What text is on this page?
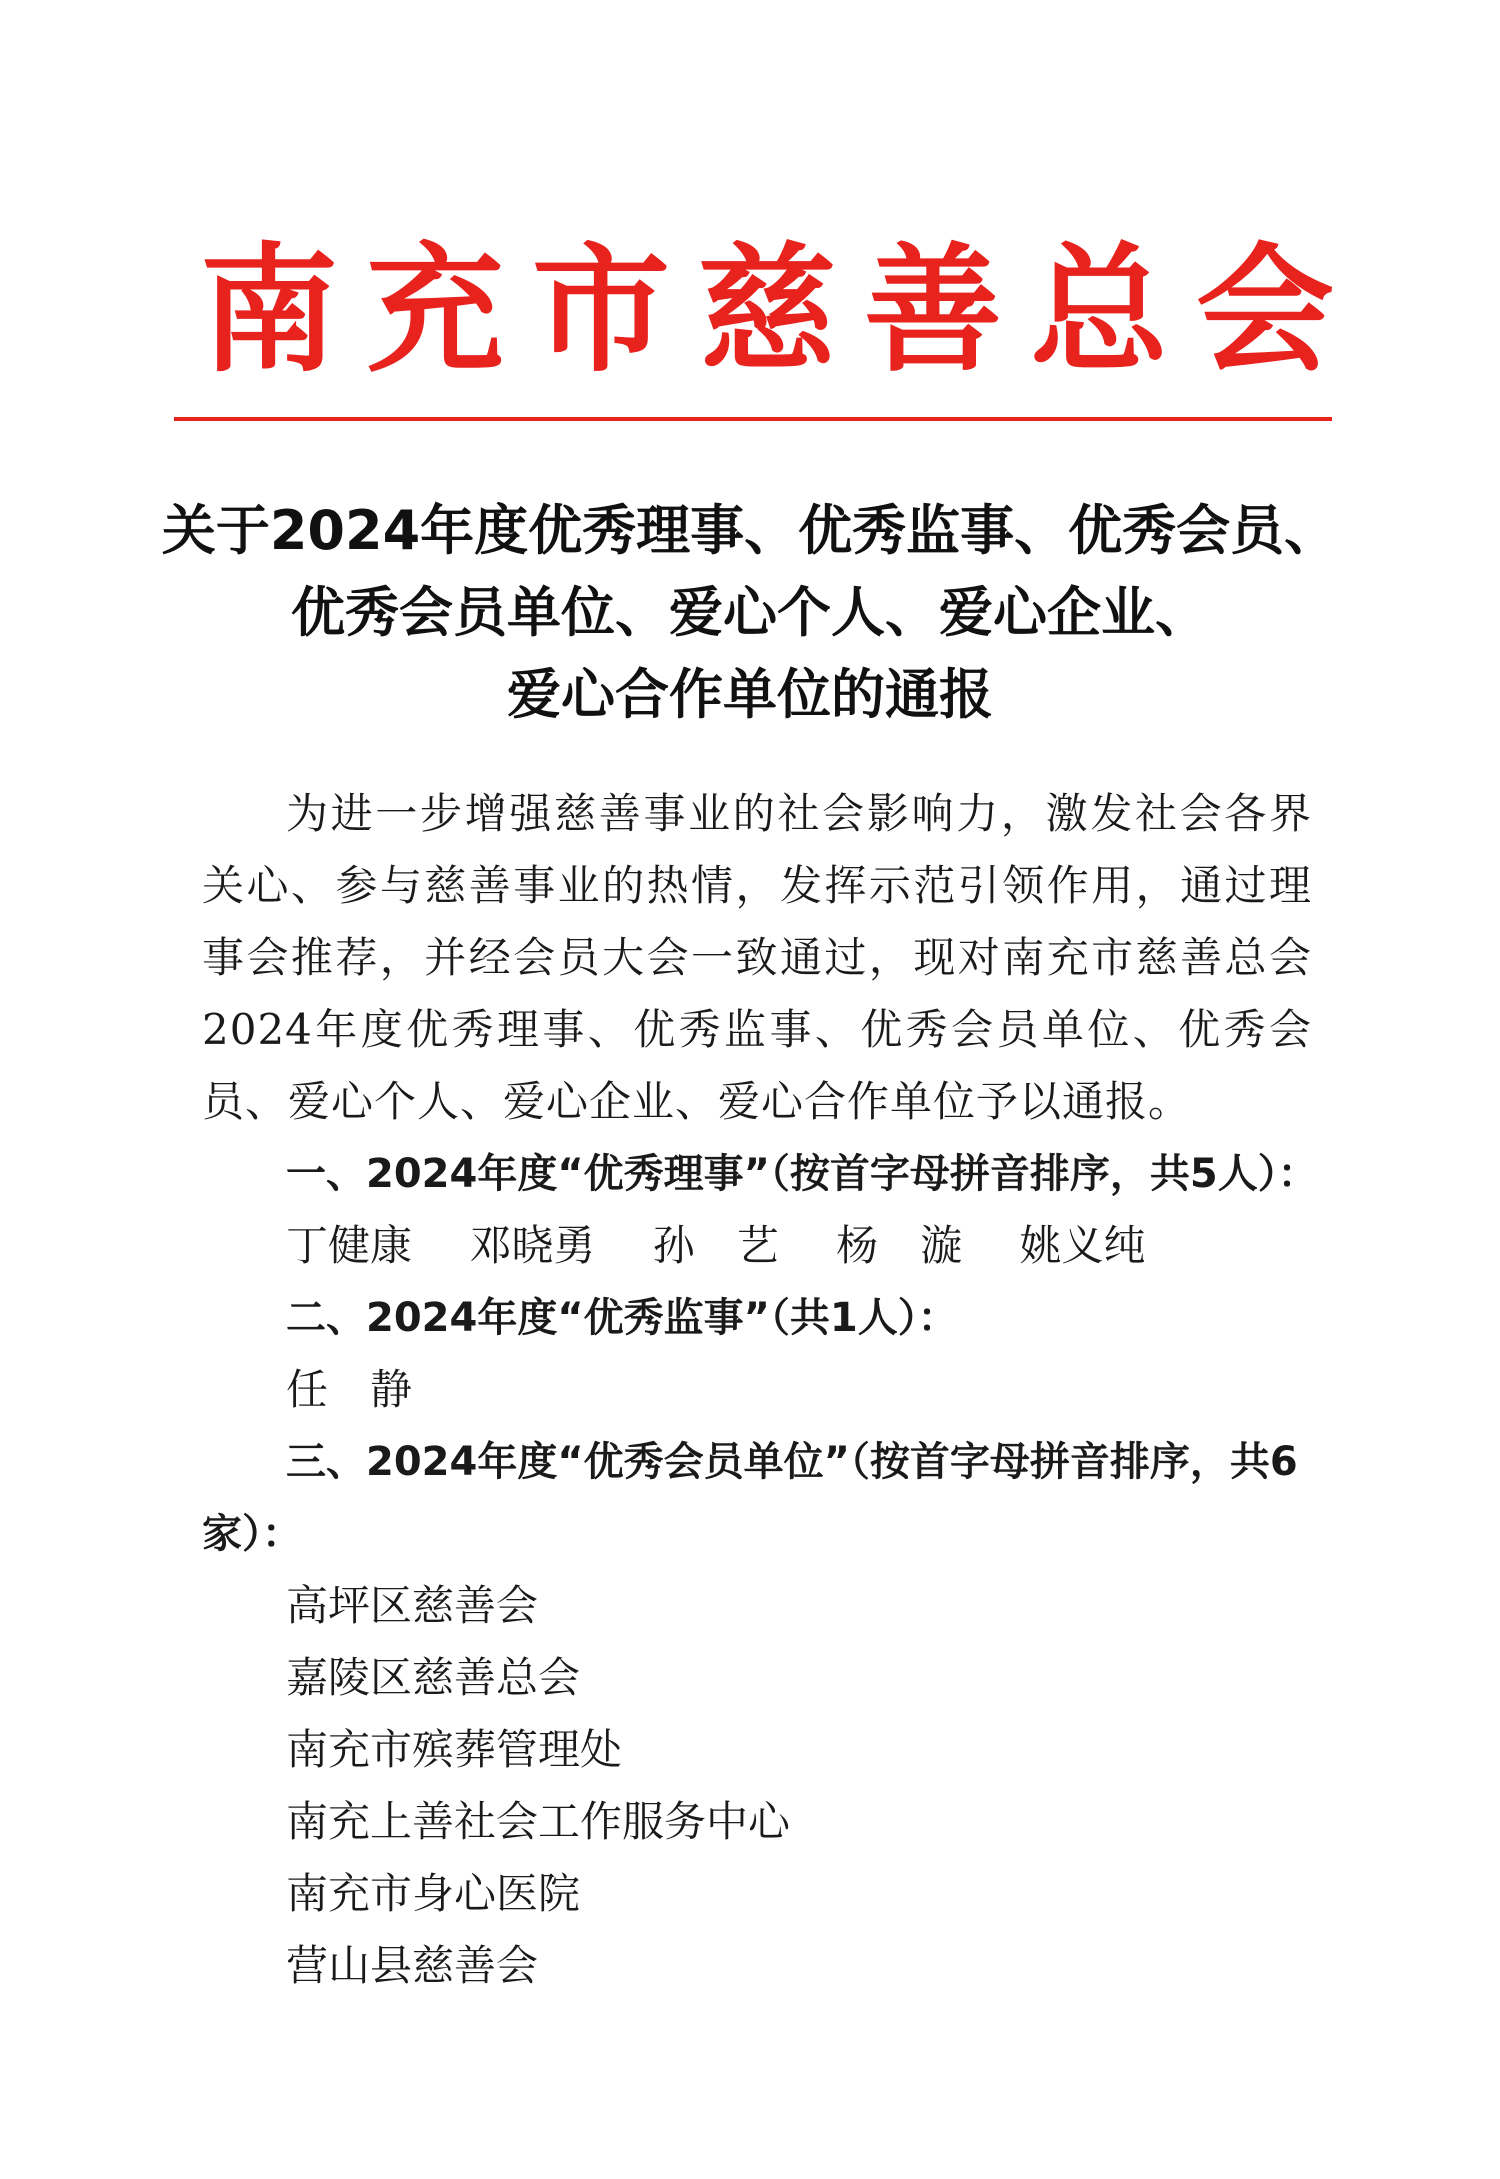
南充市慈善总会
关于2024年度优秀理事、优秀监事、优秀会员、
优秀会员单位、爱心个人、爱心企业、
爱心合作单位的通报

为进一步增强慈善事业的社会影响力，激发社会各界关心、参与慈善事业的热情，发挥示范引领作用，通过理事会推荐，并经会员大会一致通过，现对南充市慈善总会2024年度优秀理事、优秀监事、优秀会员单位、优秀会员、爱心个人、爱心企业、爱心合作单位予以通报。

一、2024年度“优秀理事”（按首字母拼音排序，共5人）：

丁健康 邓晓勇 孙　艺 杨　漩 姚义纯

二、2024年度“优秀监事”（共1人）：

任　静

三、2024年度“优秀会员单位”（按首字母拼音排序，共6家）：

高坪区慈善会
嘉陵区慈善总会
南充市殡葬管理处
南充上善社会工作服务中心
南充市身心医院
营山县慈善会
